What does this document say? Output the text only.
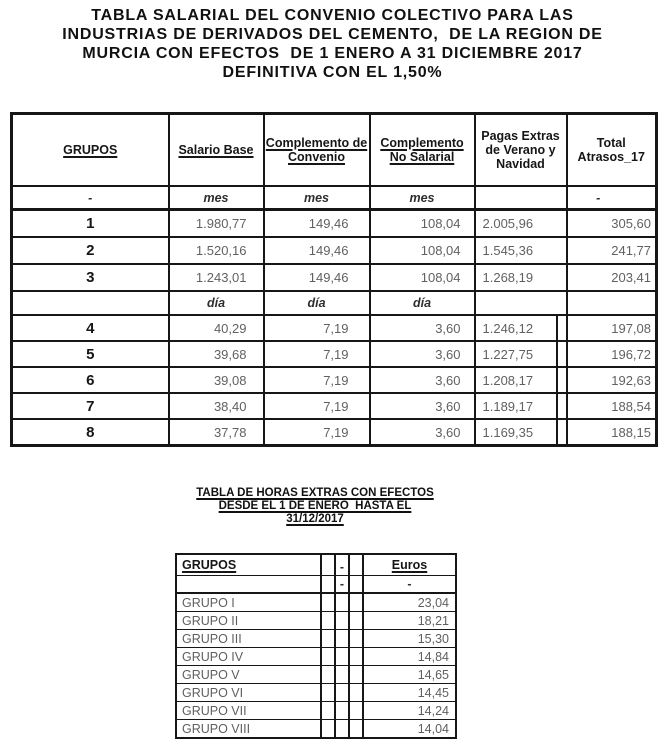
TABLA SALARIAL DEL CONVENIO COLECTIVO PARA LAS
INDUSTRIAS DE DERIVADOS DEL CEMENTO,  DE LA REGION DE
MURCIA CON EFECTOS  DE 1 ENERO A 31 DICIEMBRE 2017
DEFINITIVA CON EL 1,50%
GRUPOS	Salario Base	Complemento de Convenio	Complemento No Salarial	Pagas Extras de Verano y Navidad		Total Atrasos_17
-	mes	mes	mes			-
1	1.980,77	149,46	108,04	2.005,96		305,60
2	1.520,16	149,46	108,04	1.545,36		241,77
3	1.243,01	149,46	108,04	1.268,19		203,41
	día	día	día			
4	40,29	7,19	3,60	1.246,12		197,08
5	39,68	7,19	3,60	1.227,75		196,72
6	39,08	7,19	3,60	1.208,17		192,63
7	38,40	7,19	3,60	1.189,17		188,54
8	37,78	7,19	3,60	1.169,35		188,15
TABLA DE HORAS EXTRAS CON EFECTOS
DESDE EL 1 DE ENERO  HASTA EL
31/12/2017
GRUPOS		-		Euros
		-		-
GRUPO I				23,04
GRUPO II				18,21
GRUPO III				15,30
GRUPO IV				14,84
GRUPO V				14,65
GRUPO VI				14,45
GRUPO VII				14,24
GRUPO VIII				14,04
